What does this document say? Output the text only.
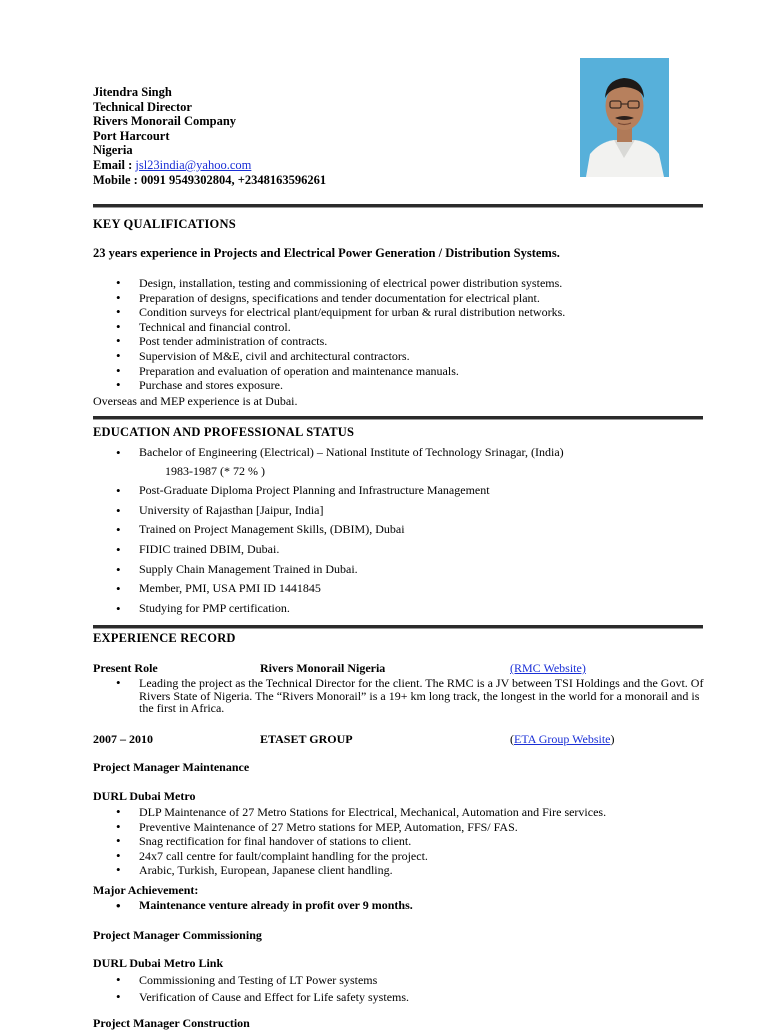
Jitendra Singh
Technical Director
Rivers Monorail Company
Port Harcourt
Nigeria
Email : jsl23india@yahoo.com
Mobile : 0091 9549302804, +2348163596261
KEY QUALIFICATIONS
23 years experience in Projects and Electrical Power Generation / Distribution Systems.
• Design, installation, testing and commissioning of electrical power distribution systems.
• Preparation of designs, specifications and tender documentation for electrical plant.
• Condition surveys for electrical plant/equipment for urban & rural distribution networks.
• Technical and financial control.
• Post tender administration of contracts.
• Supervision of M&E, civil and architectural contractors.
• Preparation and evaluation of operation and maintenance manuals.
• Purchase and stores exposure.
Overseas and MEP experience is at Dubai.
EDUCATION AND PROFESSIONAL STATUS
• Bachelor of Engineering (Electrical) – National Institute of Technology Srinagar, (India)
1983-1987 (* 72 % )
• Post-Graduate Diploma Project Planning and Infrastructure Management
• University of Rajasthan [Jaipur, India]
• Trained on Project Management Skills, (DBIM), Dubai
• FIDIC trained DBIM, Dubai.
• Supply Chain Management Trained in Dubai.
• Member, PMI, USA PMI ID 1441845
• Studying for PMP certification.
EXPERIENCE RECORD
Present Role	Rivers Monorail Nigeria	(RMC Website)
• Leading the project as the Technical Director for the client. The RMC is a JV between TSI Holdings and the Govt. Of Rivers State of Nigeria. The “Rivers Monorail” is a 19+ km long track, the longest in the world for a monorail and is the first in Africa.
2007 – 2010	ETASET GROUP	(ETA Group Website)
Project Manager Maintenance
DURL Dubai Metro
• DLP Maintenance of 27 Metro Stations for Electrical, Mechanical, Automation and Fire services.
• Preventive Maintenance of 27 Metro stations for MEP, Automation, FFS/ FAS.
• Snag rectification for final handover of stations to client.
• 24x7 call centre for fault/complaint handling for the project.
• Arabic, Turkish, European, Japanese client handling.
Major Achievement:
• Maintenance venture already in profit over 9 months.
Project Manager Commissioning
DURL Dubai Metro Link
• Commissioning and Testing of LT Power systems
• Verification of Cause and Effect for Life safety systems.
Project Manager Construction
